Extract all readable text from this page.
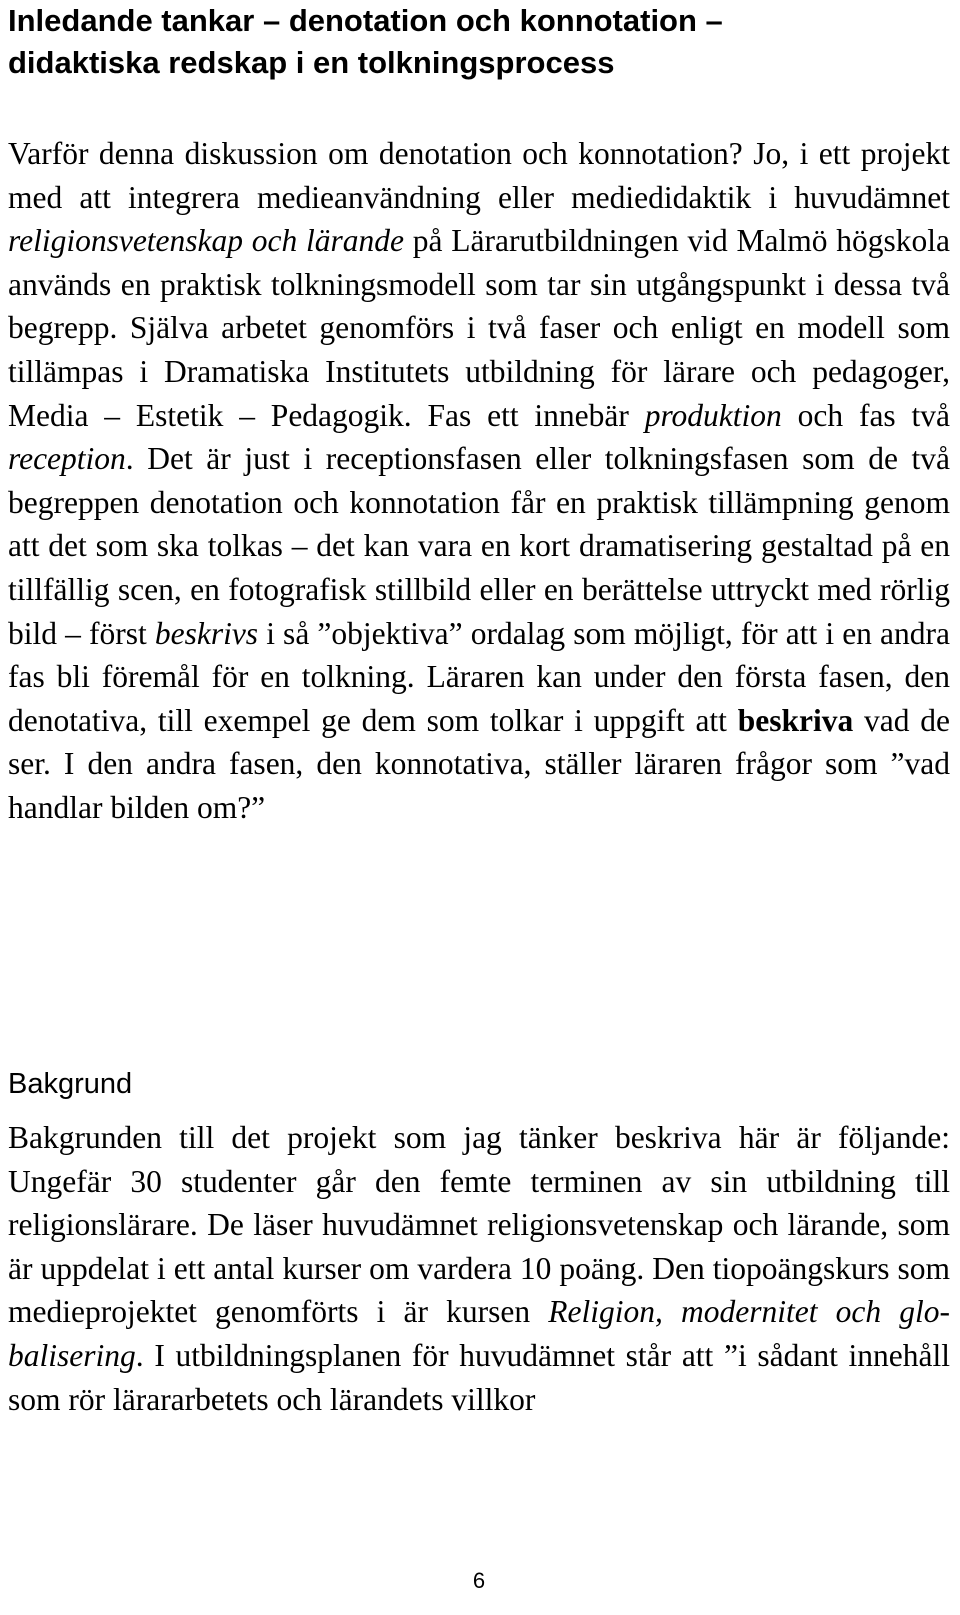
Inledande tankar – denotation och konnotation –
didaktiska redskap i en tolkningsprocess

Varför denna diskussion om denotation och konnotation? Jo, i ett projekt med att integrera medieanvändning eller mediedidaktik i huvudämnet religionsvetenskap och lärande på Lärarutbildningen vid Malmö högskola används en praktisk tolkningsmodell som tar sin utgångspunkt i dessa två begrepp. Själva arbetet genomförs i två faser och enligt en modell som tillämpas i Dramatiska Institutets utbildning för lärare och pedagoger, Media – Estetik – Pedagogik. Fas ett innebär produktion och fas två reception. Det är just i receptionsfasen eller tolkningsfasen som de två begreppen denotation och konnotation får en praktisk tillämpning genom att det som ska tolkas – det kan vara en kort dramatisering gestaltad på en tillfällig scen, en fotografisk stillbild eller en berättelse uttryckt med rörlig bild – först beskrivs i så ”objektiva” ordalag som möjligt, för att i en andra fas bli föremål för en tolkning. Läraren kan under den första fasen, den denotativa, till exempel ge dem som tolkar i uppgift att beskriva vad de ser. I den andra fasen, den konnotativa, ställer läraren frågor som ”vad handlar bilden om?”

Bakgrund

Bakgrunden till det projekt som jag tänker beskriva här är följande: Ungefär 30 studenter går den femte terminen av sin utbildning till religionslärare. De läser huvudämnet religionsvetenskap och lärande, som är uppdelat i ett antal kurser om vardera 10 poäng. Den tiopoängskurs som medieprojektet genomförts i är kursen Religion, modernitet och globalisering. I utbildningsplanen för huvudämnet står att ”i sådant innehåll som rör lärararbetets och lärandets villkor

6
